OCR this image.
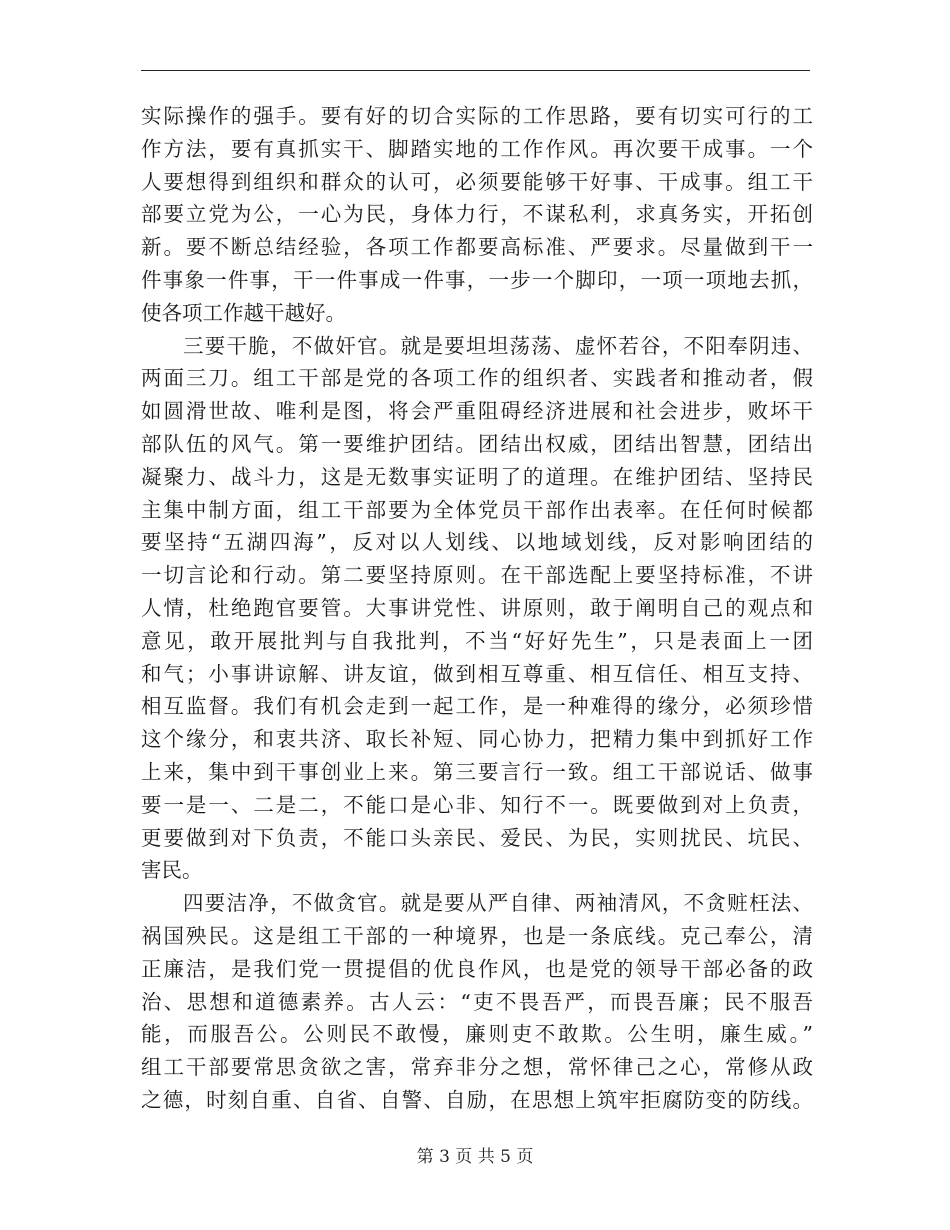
实际操作的强手。要有好的切合实际的工作思路，要有切实可行的工
作方法，要有真抓实干、脚踏实地的工作作风。再次要干成事。一个
人要想得到组织和群众的认可，必须要能够干好事、干成事。组工干
部要立党为公，一心为民，身体力行，不谋私利，求真务实，开拓创
新。要不断总结经验，各项工作都要高标准、严要求。尽量做到干一
件事象一件事，干一件事成一件事，一步一个脚印，一项一项地去抓，
使各项工作越干越好。
三要干脆，不做奸官。就是要坦坦荡荡、虚怀若谷，不阳奉阴违、
两面三刀。组工干部是党的各项工作的组织者、实践者和推动者，假
如圆滑世故、唯利是图，将会严重阻碍经济进展和社会进步，败坏干
部队伍的风气。第一要维护团结。团结出权威，团结出智慧，团结出
凝聚力、战斗力，这是无数事实证明了的道理。在维护团结、坚持民
主集中制方面，组工干部要为全体党员干部作出表率。在任何时候都
要坚持“五湖四海”，反对以人划线、以地域划线，反对影响团结的
一切言论和行动。第二要坚持原则。在干部选配上要坚持标准，不讲
人情，杜绝跑官要管。大事讲党性、讲原则，敢于阐明自己的观点和
意见，敢开展批判与自我批判，不当“好好先生”，只是表面上一团
和气；小事讲谅解、讲友谊，做到相互尊重、相互信任、相互支持、
相互监督。我们有机会走到一起工作，是一种难得的缘分，必须珍惜
这个缘分，和衷共济、取长补短、同心协力，把精力集中到抓好工作
上来，集中到干事创业上来。第三要言行一致。组工干部说话、做事
要一是一、二是二，不能口是心非、知行不一。既要做到对上负责，
更要做到对下负责，不能口头亲民、爱民、为民，实则扰民、坑民、
害民。
四要洁净，不做贪官。就是要从严自律、两袖清风，不贪赃枉法、
祸国殃民。这是组工干部的一种境界，也是一条底线。克己奉公，清
正廉洁，是我们党一贯提倡的优良作风，也是党的领导干部必备的政
治、思想和道德素养。古人云：“吏不畏吾严，而畏吾廉；民不服吾
能，而服吾公。公则民不敢慢，廉则吏不敢欺。公生明，廉生威。”
组工干部要常思贪欲之害，常弃非分之想，常怀律己之心，常修从政
之德，时刻自重、自省、自警、自励，在思想上筑牢拒腐防变的防线。
第 3 页 共 5 页
